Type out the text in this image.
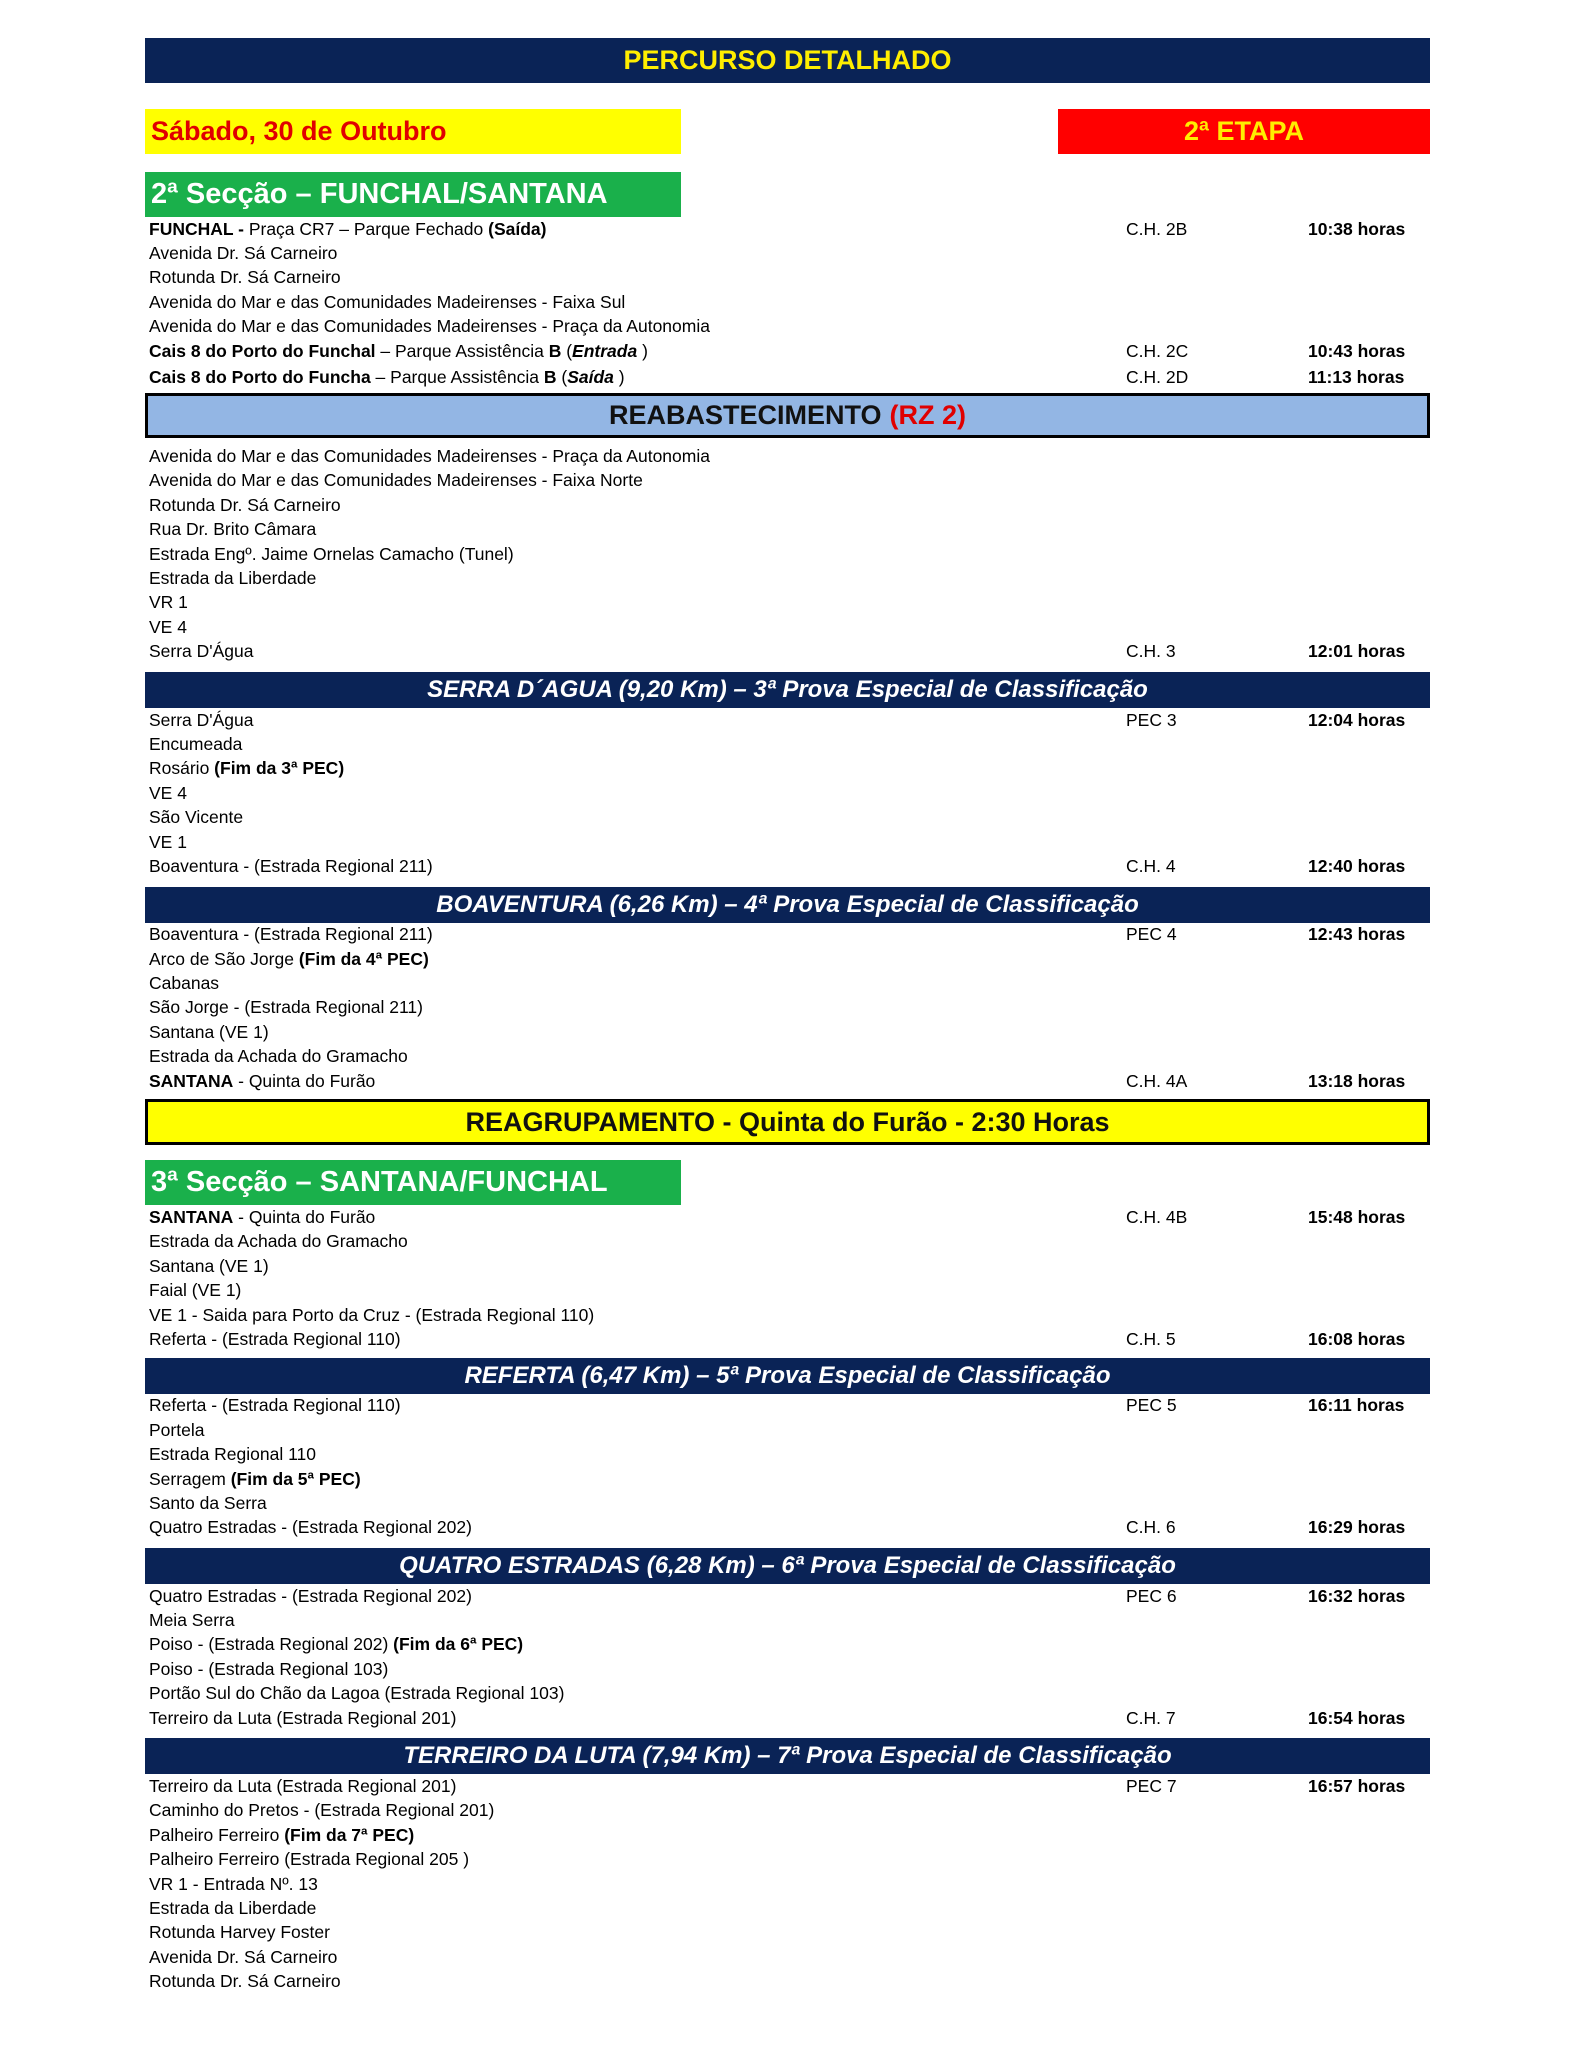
PERCURSO DETALHADO
Sábado, 30 de Outubro	2ª ETAPA
2ª Secção – FUNCHAL/SANTANA
FUNCHAL - Praça CR7 – Parque Fechado (Saída)	C.H. 2B	10:38 horas
Avenida Dr. Sá Carneiro
Rotunda Dr. Sá Carneiro
Avenida do Mar e das Comunidades Madeirenses - Faixa Sul
Avenida do Mar e das Comunidades Madeirenses - Praça da Autonomia
Cais 8 do Porto do Funchal – Parque Assistência B (Entrada )	C.H. 2C	10:43 horas
Cais 8 do Porto do Funcha – Parque Assistência B (Saída )	C.H. 2D	11:13 horas
REABASTECIMENTO (RZ 2)
Avenida do Mar e das Comunidades Madeirenses - Praça da Autonomia
Avenida do Mar e das Comunidades Madeirenses - Faixa Norte
Rotunda Dr. Sá Carneiro
Rua Dr. Brito Câmara
Estrada Engº. Jaime Ornelas Camacho (Tunel)
Estrada da Liberdade
VR 1
VE 4
Serra D'Água	C.H. 3	12:01 horas
SERRA D´AGUA (9,20 Km) – 3ª Prova Especial de Classificação
Serra D'Água	PEC 3	12:04 horas
Encumeada
Rosário (Fim da 3ª PEC)
VE 4
São Vicente
VE 1
Boaventura - (Estrada Regional 211)	C.H. 4	12:40 horas
BOAVENTURA (6,26 Km) – 4ª Prova Especial de Classificação
Boaventura - (Estrada Regional 211)	PEC 4	12:43 horas
Arco de São Jorge (Fim da 4ª PEC)
Cabanas
São Jorge - (Estrada Regional 211)
Santana (VE 1)
Estrada da Achada do Gramacho
SANTANA - Quinta do Furão	C.H. 4A	13:18 horas
REAGRUPAMENTO - Quinta do Furão - 2:30 Horas
3ª Secção – SANTANA/FUNCHAL
SANTANA - Quinta do Furão	C.H. 4B	15:48 horas
Estrada da Achada do Gramacho
Santana (VE 1)
Faial (VE 1)
VE 1 - Saida para Porto da Cruz - (Estrada Regional 110)
Referta - (Estrada Regional 110)	C.H. 5	16:08 horas
REFERTA (6,47 Km) – 5ª Prova Especial de Classificação
Referta - (Estrada Regional 110)	PEC 5	16:11 horas
Portela
Estrada Regional 110
Serragem (Fim da 5ª PEC)
Santo da Serra
Quatro Estradas - (Estrada Regional 202)	C.H. 6	16:29 horas
QUATRO ESTRADAS (6,28 Km) – 6ª Prova Especial de Classificação
Quatro Estradas - (Estrada Regional 202)	PEC 6	16:32 horas
Meia Serra
Poiso - (Estrada Regional 202) (Fim da 6ª PEC)
Poiso - (Estrada Regional 103)
Portão Sul do Chão da Lagoa (Estrada Regional 103)
Terreiro da Luta (Estrada Regional 201)	C.H. 7	16:54 horas
TERREIRO DA LUTA (7,94 Km) – 7ª Prova Especial de Classificação
Terreiro da Luta (Estrada Regional 201)	PEC 7	16:57 horas
Caminho do Pretos - (Estrada Regional 201)
Palheiro Ferreiro (Fim da 7ª PEC)
Palheiro Ferreiro (Estrada Regional 205 )
VR 1 - Entrada Nº. 13
Estrada da Liberdade
Rotunda Harvey Foster
Avenida Dr. Sá Carneiro
Rotunda Dr. Sá Carneiro
